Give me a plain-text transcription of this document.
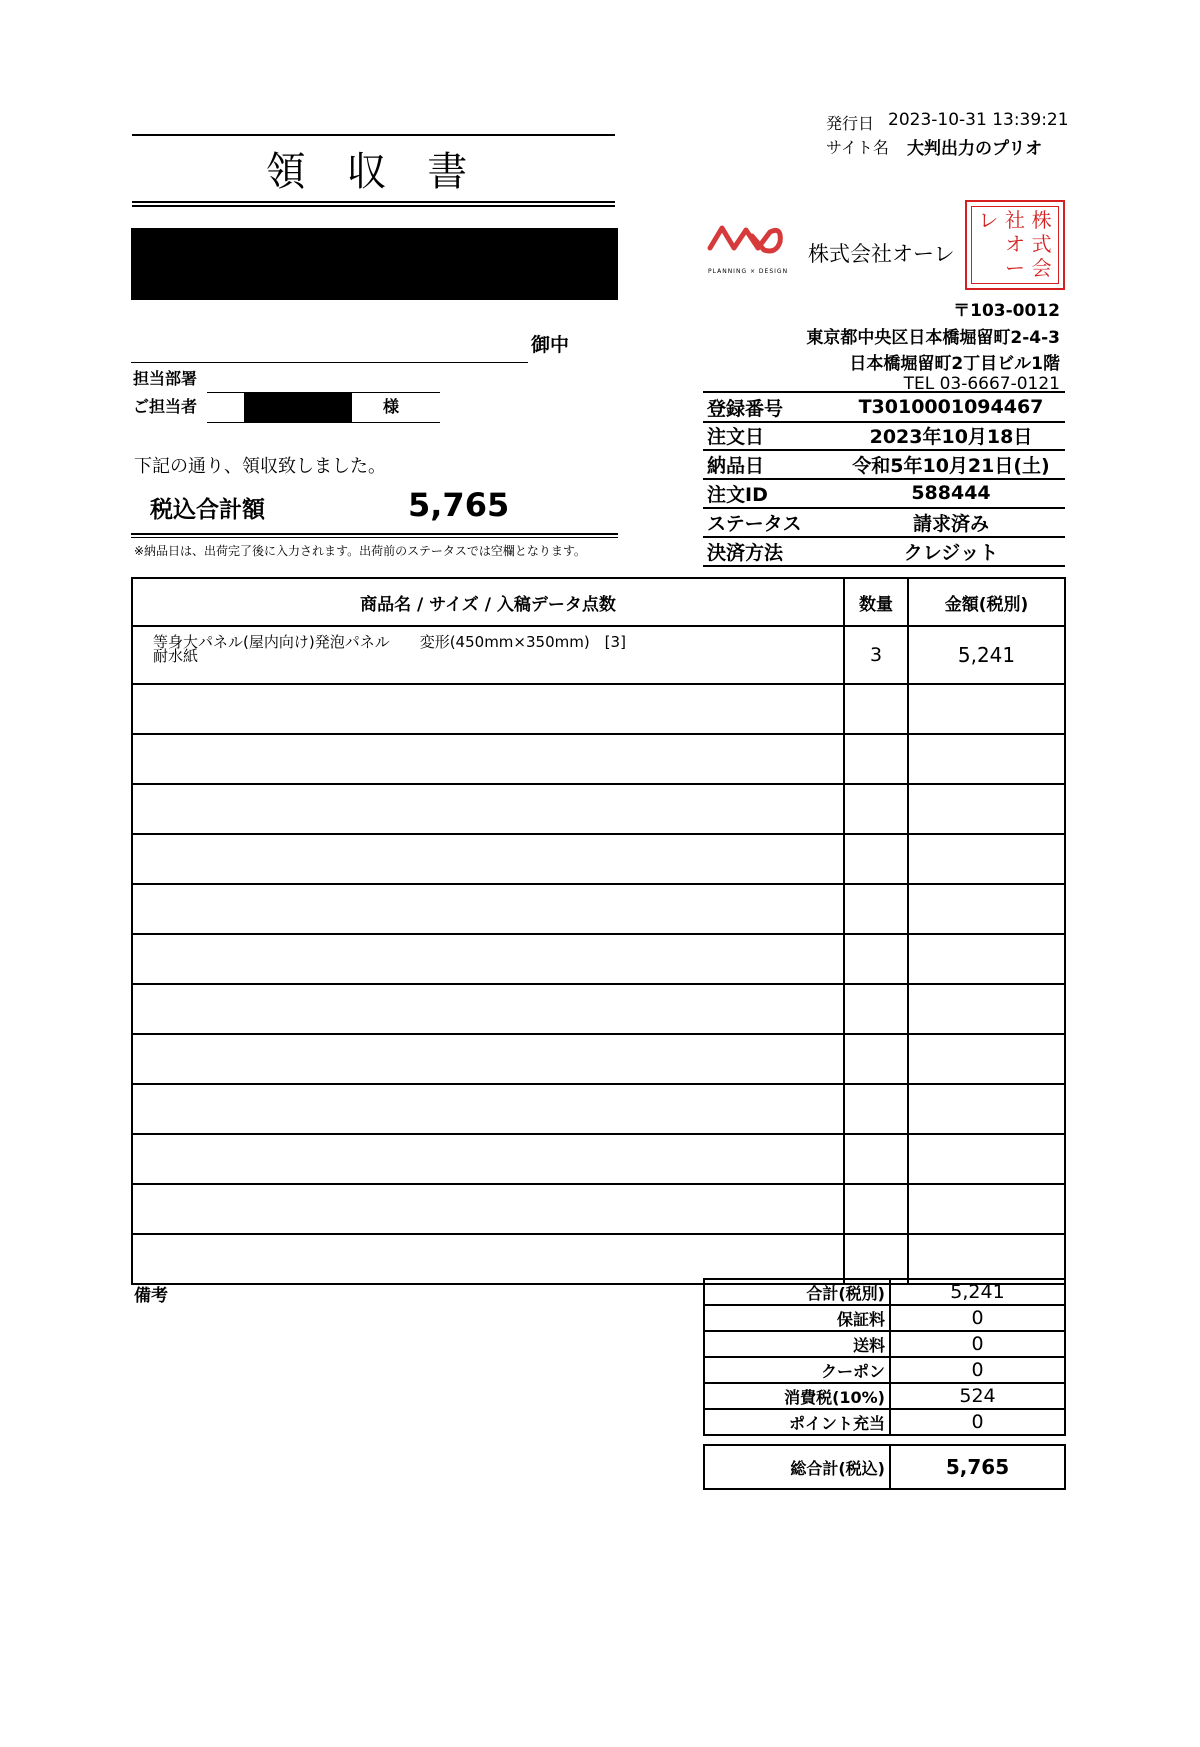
発行日 2023-10-31 13:39:21
サイト名 大判出力のプリオ
領 収 書
御中
担当部署
ご担当者	様
下記の通り、領収致しました。
税込合計額	5,765
※納品日は、出荷完了後に入力されます。出荷前のステータスでは空欄となります。
PLANNING × DESIGN
株式会社オーレ
株
式
会
社
オ
ー
レ
〒103-0012
東京都中央区日本橋堀留町2-4-3
日本橋堀留町2丁目ビル1階
TEL 03-6667-0121
登録番号	T3010001094467
注文日	2023年10月18日
納品日	令和5年10月21日(土)
注文ID	588444
ステータス	請求済み
決済方法	クレジット
商品名 / サイズ / 入稿データ点数	数量	金額(税別)

等身大パネル(屋内向け)発泡パネル　　変形(450mm×350mm)　[3]
耐水紙	3	5,241

備考	合計(税別)	5,241
保証料	0
送料	0
クーポン	0
消費税(10%)	524
ポイント充当	0
総合計(税込)	5,765
